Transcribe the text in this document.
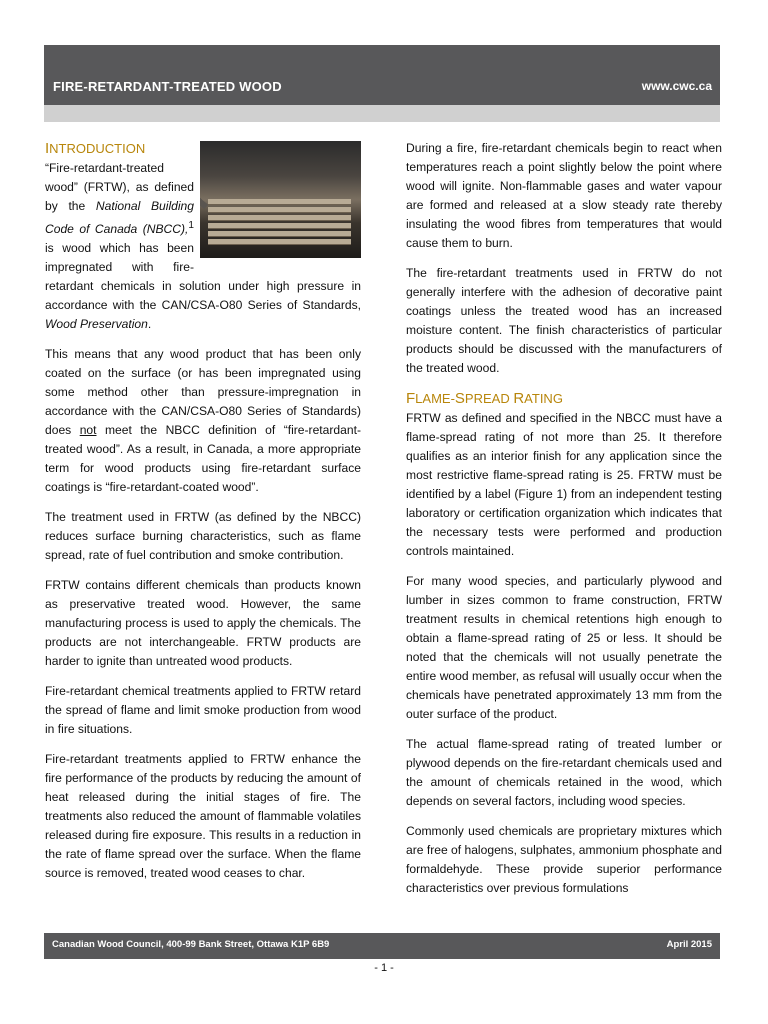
FIRE-RETARDANT-TREATED WOOD	www.cwc.ca
INTRODUCTION

“Fire-retardant-treated wood” (FRTW), as defined by the National Building Code of Canada (NBCC),$^1$ is wood which has been impregnated with fire-retardant chemicals in solution under high pressure in accordance with the CAN/CSA-O80 Series of Standards, Wood Preservation.

This means that any wood product that has been only coated on the surface (or has been impregnated using some method other than pressure-impregnation in accordance with the CAN/CSA-O80 Series of Standards) does not meet the NBCC definition of “fire-retardant-treated wood”. As a result, in Canada, a more appropriate term for wood products using fire-retardant surface coatings is “fire-retardant-coated wood”.

The treatment used in FRTW (as defined by the NBCC) reduces surface burning characteristics, such as flame spread, rate of fuel contribution and smoke contribution.

FRTW contains different chemicals than products known as preservative treated wood. However, the same manufacturing process is used to apply the chemicals. The products are not interchangeable. FRTW products are harder to ignite than untreated wood products.

Fire-retardant chemical treatments applied to FRTW retard the spread of flame and limit smoke production from wood in fire situations.

Fire-retardant treatments applied to FRTW enhance the fire performance of the products by reducing the amount of heat released during the initial stages of fire. The treatments also reduced the amount of flammable volatiles released during fire exposure. This results in a reduction in the rate of flame spread over the surface. When the flame source is removed, treated wood ceases to char.

During a fire, fire-retardant chemicals begin to react when temperatures reach a point slightly below the point where wood will ignite. Non-flammable gases and water vapour are formed and released at a slow steady rate thereby insulating the wood fibres from temperatures that would cause them to burn.

The fire-retardant treatments used in FRTW do not generally interfere with the adhesion of decorative paint coatings unless the treated wood has an increased moisture content. The finish characteristics of particular products should be discussed with the manufacturers of the treated wood.

FLAME-SPREAD RATING

FRTW as defined and specified in the NBCC must have a flame-spread rating of not more than 25. It therefore qualifies as an interior finish for any application since the most restrictive flame-spread rating is 25. FRTW must be identified by a label (Figure 1) from an independent testing laboratory or certification organization which indicates that the necessary tests were performed and production controls maintained.

For many wood species, and particularly plywood and lumber in sizes common to frame construction, FRTW treatment results in chemical retentions high enough to obtain a flame-spread rating of 25 or less. It should be noted that the chemicals will not usually penetrate the entire wood member, as refusal will usually occur when the chemicals have penetrated approximately 13 mm from the outer surface of the product.

The actual flame-spread rating of treated lumber or plywood depends on the fire-retardant chemicals used and the amount of chemicals retained in the wood, which depends on several factors, including wood species.

Commonly used chemicals are proprietary mixtures which are free of halogens, sulphates, ammonium phosphate and formaldehyde. These provide superior performance characteristics over previous formulations

Canadian Wood Council, 400-99 Bank Street, Ottawa K1P 6B9	April 2015
- 1 -
